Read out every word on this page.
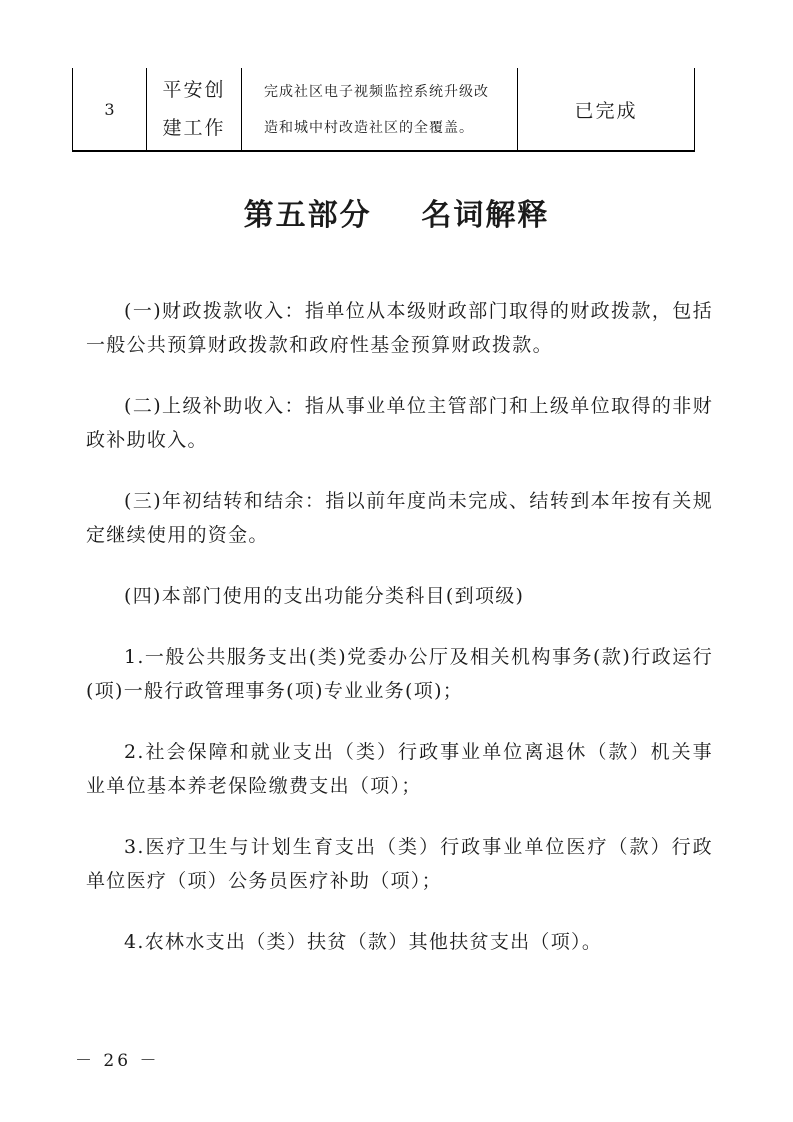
3
平安创
建工作
完成社区电子视频监控系统升级改
造和城中村改造社区的全覆盖。
已完成
第五部分    名词解释

(一)财政拨款收入：指单位从本级财政部门取得的财政拨款，包括一般公共预算财政拨款和政府性基金预算财政拨款。

(二)上级补助收入：指从事业单位主管部门和上级单位取得的非财政补助收入。

(三)年初结转和结余：指以前年度尚未完成、结转到本年按有关规定继续使用的资金。

(四)本部门使用的支出功能分类科目(到项级)

1.一般公共服务支出(类)党委办公厅及相关机构事务(款)行政运行(项)一般行政管理事务(项)专业业务(项)；

2.社会保障和就业支出（类）行政事业单位离退休（款）机关事业单位基本养老保险缴费支出（项）；

3.医疗卫生与计划生育支出（类）行政事业单位医疗（款）行政单位医疗（项）公务员医疗补助（项）；

4.农林水支出（类）扶贫（款）其他扶贫支出（项）。

－ 26 －
